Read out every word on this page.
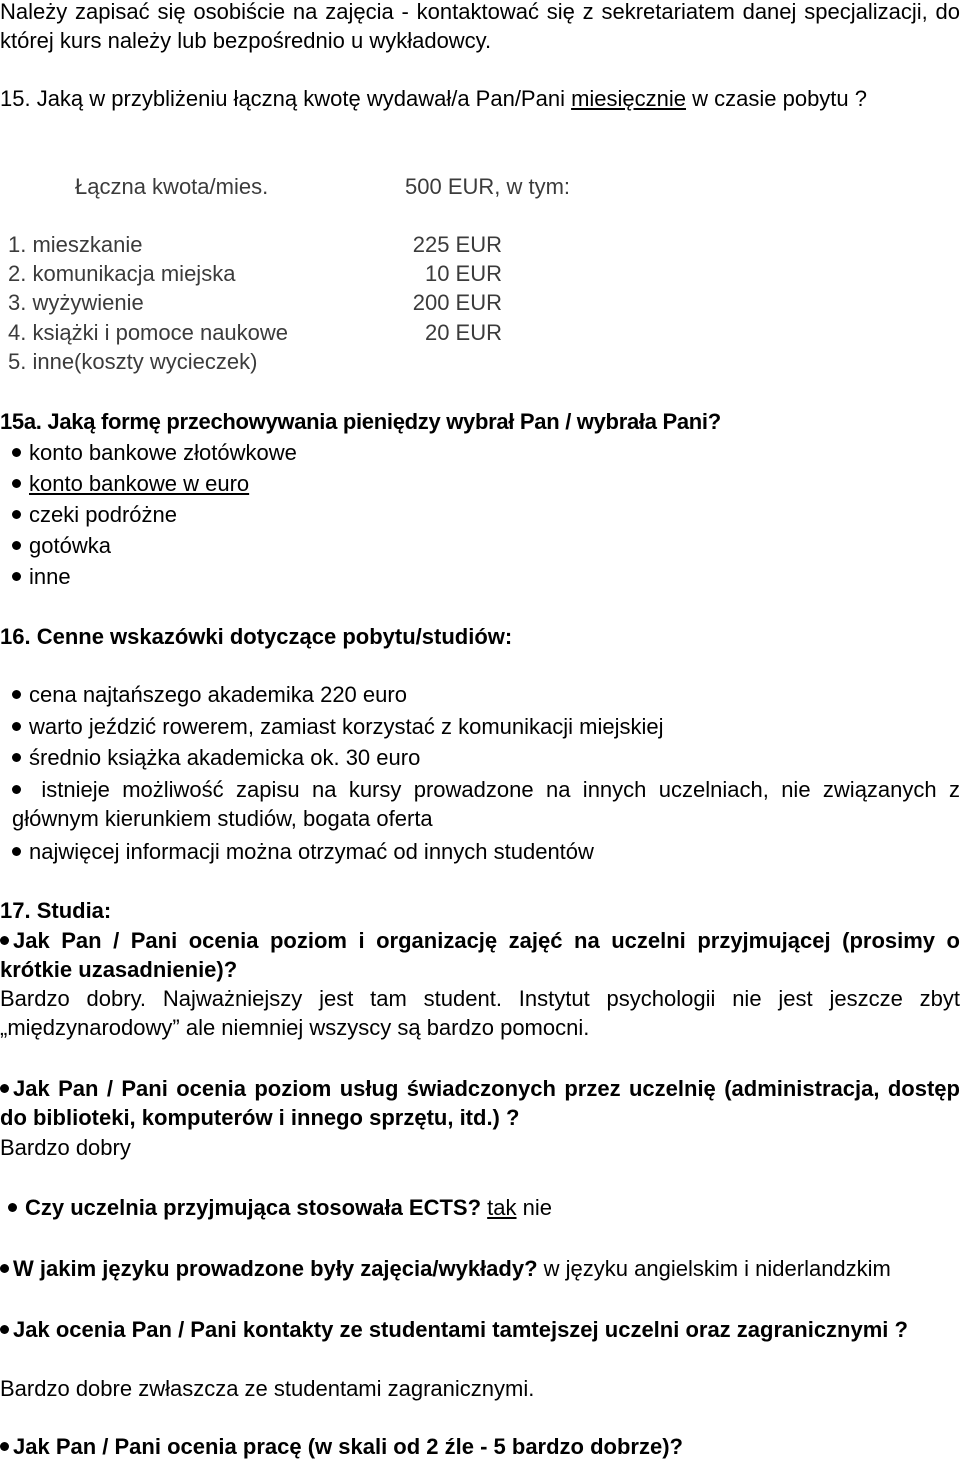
Należy zapisać się osobiście na zajęcia - kontaktować się z sekretariatem danej specjalizacji, do której kurs należy lub bezpośrednio u wykładowcy.
15. Jaką w przybliżeniu łączną kwotę wydawał/a Pan/Pani miesięcznie w czasie pobytu ?
Łączna kwota/mies.	500 EUR, w tym:
1. mieszkanie	225 EUR
2. komunikacja miejska	10 EUR
3. wyżywienie	200 EUR
4. książki i pomoce naukowe	20 EUR
5. inne(koszty wycieczek)
15a. Jaką formę przechowywania pieniędzy wybrał Pan / wybrała Pani?
konto bankowe złotówkowe
konto bankowe w euro
czeki podróżne
gotówka
inne
16. Cenne wskazówki dotyczące pobytu/studiów:
cena najtańszego akademika 220 euro
warto jeździć rowerem, zamiast korzystać z komunikacji miejskiej
średnio książka akademicka ok. 30 euro
istnieje możliwość zapisu na kursy prowadzone na innych uczelniach, nie związanych z głównym kierunkiem studiów, bogata oferta
najwięcej informacji można otrzymać od innych studentów
17. Studia:
Jak Pan / Pani ocenia poziom i organizację zajęć na uczelni przyjmującej (prosimy o krótkie uzasadnienie)?
Bardzo dobry. Najważniejszy jest tam student. Instytut psychologii nie jest jeszcze zbyt „międzynarodowy” ale niemniej wszyscy są bardzo pomocni.
Jak Pan / Pani ocenia poziom usług świadczonych przez uczelnię (administracja, dostęp do biblioteki, komputerów i innego sprzętu, itd.) ?
Bardzo dobry
Czy uczelnia przyjmująca stosowała ECTS? tak nie
W jakim języku prowadzone były zajęcia/wykłady? w języku angielskim i niderlandzkim
Jak ocenia Pan / Pani kontakty ze studentami tamtejszej uczelni oraz zagranicznymi ?
Bardzo dobre zwłaszcza ze studentami zagranicznymi.
Jak Pan / Pani ocenia pracę (w skali od 2 źle - 5 bardzo dobrze)?
